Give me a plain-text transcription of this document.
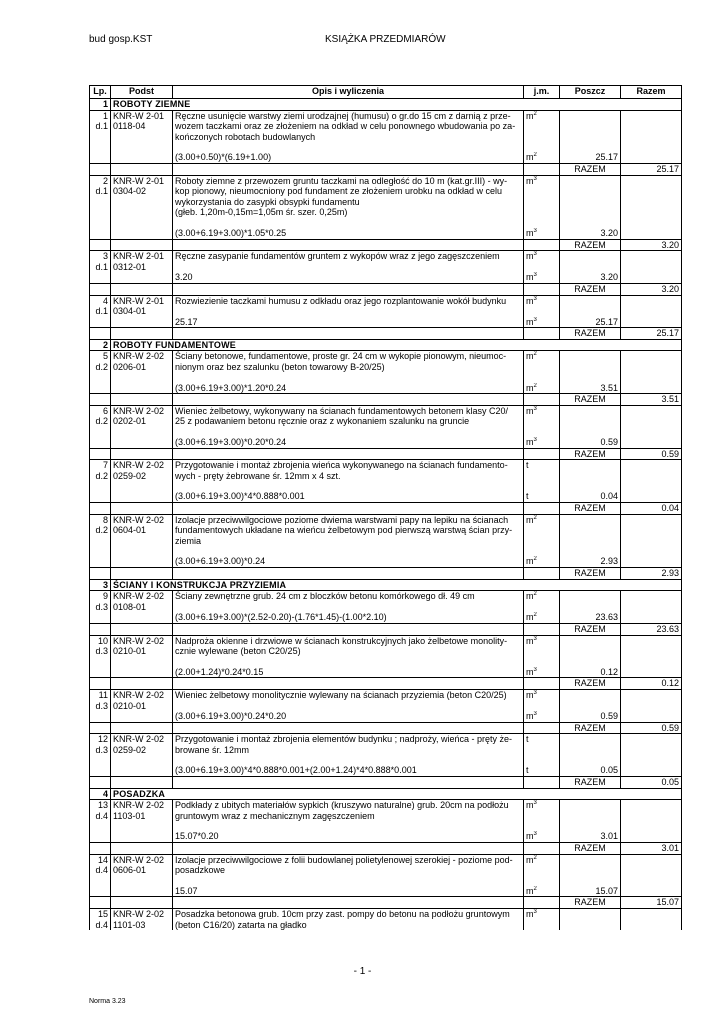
bud gosp.KST	KSIĄŻKA PRZEDMIARÓW
Lp.	Podst	Opis i wyliczenia	j.m.	Poszcz	Razem
1	ROBOTY ZIEMNE				
1	KNR-W 2-01	Ręczne usunięcie warstwy ziemi urodzajnej (humusu) o gr.do 15 cm z darnią z prze-	$m^2$		
d.1	0118-04	wozem taczkami oraz ze złożeniem na odkład w celu ponownego wbudowania po za-			
		kończonych robotach budowlanych			

		(3.00+0.50)*(6.19+1.00)	$m^2$	25.17	
				RAZEM	25.17
2	KNR-W 2-01	Roboty ziemne z przewozem gruntu taczkami na odległość do 10 m (kat.gr.III) - wy-	$m^3$		
d.1	0304-02	kop pionowy, nieumocniony pod fundament ze złożeniem urobku na odkład w celu			
		wykorzystania do zasypki obsypki fundamentu			
		(głeb. 1,20m-0,15m=1,05m śr. szer. 0,25m)			

		(3.00+6.19+3.00)*1.05*0.25	$m^3$	3.20	
				RAZEM	3.20
3	KNR-W 2-01	Ręczne zasypanie fundamentów gruntem z wykopów wraz z jego zagęszczeniem	$m^3$		
d.1	0312-01				
		3.20	$m^3$	3.20	
				RAZEM	3.20
4	KNR-W 2-01	Rozwiezienie taczkami humusu z odkładu oraz jego rozplantowanie wokół budynku	$m^3$		
d.1	0304-01				
		25.17	$m^3$	25.17	
				RAZEM	25.17
2	ROBOTY FUNDAMENTOWE				
5	KNR-W 2-02	Ściany betonowe, fundamentowe, proste gr. 24 cm w wykopie pionowym, nieumoc-	$m^2$		
d.2	0206-01	nionym oraz bez szalunku (beton towarowy B-20/25)			

		(3.00+6.19+3.00)*1.20*0.24	$m^2$	3.51	
				RAZEM	3.51
6	KNR-W 2-02	Wieniec żelbetowy, wykonywany na ścianach fundamentowych betonem klasy C20/	$m^3$		
d.2	0202-01	25 z podawaniem betonu ręcznie oraz z wykonaniem szalunku na gruncie			

		(3.00+6.19+3.00)*0.20*0.24	$m^3$	0.59	
				RAZEM	0.59
7	KNR-W 2-02	Przygotowanie i montaż zbrojenia wieńca wykonywanego na ścianach fundamento-	t		
d.2	0259-02	wych - pręty żebrowane śr. 12mm x 4 szt.			

		(3.00+6.19+3.00)*4*0.888*0.001	t	0.04	
				RAZEM	0.04
8	KNR-W 2-02	Izolacje przeciwwilgociowe poziome dwiema warstwami papy na lepiku na ścianach	$m^2$		
d.2	0604-01	fundamentowych układane na wieńcu żelbetowym pod pierwszą warstwą ścian przy-			
		ziemia			

		(3.00+6.19+3.00)*0.24	$m^2$	2.93	
				RAZEM	2.93
3	ŚCIANY I KONSTRUKCJA PRZYZIEMIA				
9	KNR-W 2-02	Ściany zewnętrzne grub. 24 cm z bloczków betonu komórkowego dł. 49 cm	$m^2$		
d.3	0108-01				
		(3.00+6.19+3.00)*(2.52-0.20)-(1.76*1.45)-(1.00*2.10)	$m^2$	23.63	
				RAZEM	23.63
10	KNR-W 2-02	Nadproża okienne i drzwiowe w ścianach konstrukcyjnych jako żelbetowe monolity-	$m^3$		
d.3	0210-01	cznie wylewane (beton C20/25)			

		(2.00+1.24)*0.24*0.15	$m^3$	0.12	
				RAZEM	0.12
11	KNR-W 2-02	Wieniec żelbetowy monolitycznie wylewany na ścianach przyziemia (beton C20/25)	$m^3$		
d.3	0210-01				
		(3.00+6.19+3.00)*0.24*0.20	$m^3$	0.59	
				RAZEM	0.59
12	KNR-W 2-02	Przygotowanie i montaż zbrojenia elementów budynku ; nadproży, wieńca - pręty że-	t		
d.3	0259-02	browane śr. 12mm			

		(3.00+6.19+3.00)*4*0.888*0.001+(2.00+1.24)*4*0.888*0.001	t	0.05	
				RAZEM	0.05
4	POSADZKA				
13	KNR-W 2-02	Podkłady z ubitych materiałów sypkich (kruszywo naturalne) grub. 20cm na podłożu	$m^3$		
d.4	1103-01	gruntowym wraz z mechanicznym zagęszczeniem			

		15.07*0.20	$m^3$	3.01	
				RAZEM	3.01
14	KNR-W 2-02	Izolacje przeciwwilgociowe z folii budowlanej polietylenowej szerokiej - poziome pod-	$m^2$		
d.4	0606-01	posadzkowe			

		15.07	$m^2$	15.07	
				RAZEM	15.07
15	KNR-W 2-02	Posadzka betonowa grub. 10cm przy zast. pompy do betonu na podłożu gruntowym	$m^3$		
d.4	1101-03	(beton C16/20) zatarta na gładko			
- 1 -
Norma 3.23
